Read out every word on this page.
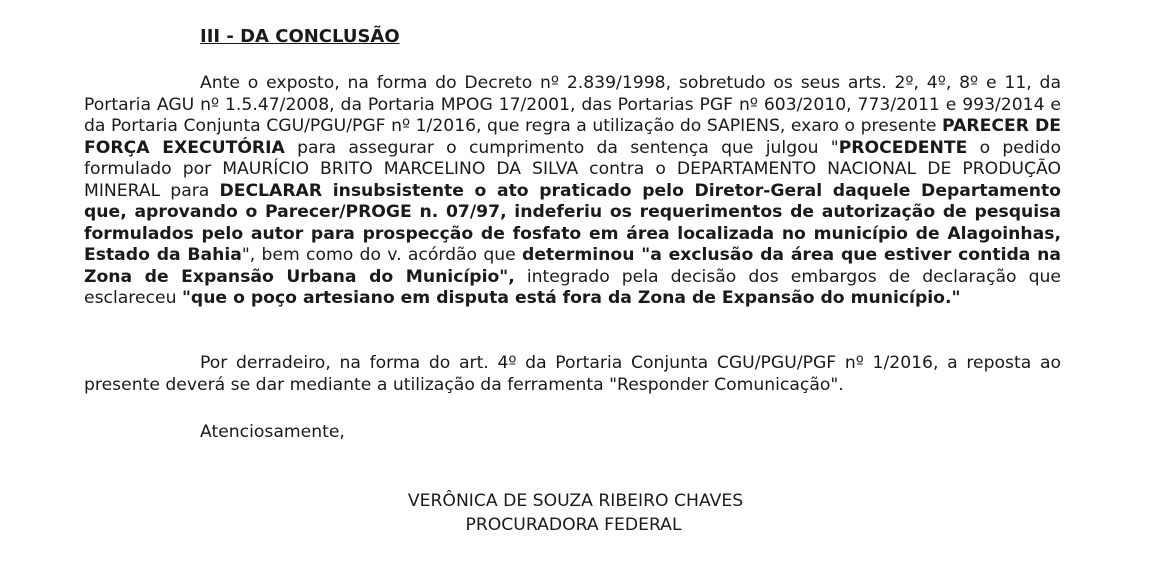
III - DA CONCLUSÃO

Ante o exposto, na forma do Decreto nº 2.839/1998, sobretudo os seus arts. 2º, 4º, 8º e 11, da Portaria AGU nº 1.5.47/2008, da Portaria MPOG 17/2001, das Portarias PGF nº 603/2010, 773/2011 e 993/2014 e da Portaria Conjunta CGU/PGU/PGF nº 1/2016, que regra a utilização do SAPIENS, exaro o presente PARECER DE FORÇA EXECUTÓRIA para assegurar o cumprimento da sentença que julgou "PROCEDENTE o pedido formulado por MAURÍCIO BRITO MARCELINO DA SILVA contra o DEPARTAMENTO NACIONAL DE PRODUÇÃO MINERAL para DECLARAR insubsistente o ato praticado pelo Diretor-Geral daquele Departamento que, aprovando o Parecer/PROGE n. 07/97, indeferiu os requerimentos de autorização de pesquisa formulados pelo autor para prospecção de fosfato em área localizada no município de Alagoinhas, Estado da Bahia", bem como do v. acórdão que determinou "a exclusão da área que estiver contida na Zona de Expansão Urbana do Município", integrado pela decisão dos embargos de declaração que esclareceu "que o poço artesiano em disputa está fora da Zona de Expansão do município."

Por derradeiro, na forma do art. 4º da Portaria Conjunta CGU/PGU/PGF nº 1/2016, a reposta ao presente deverá se dar mediante a utilização da ferramenta "Responder Comunicação".

Atenciosamente,
VERÔNICA DE SOUZA RIBEIRO CHAVES
PROCURADORA FEDERAL
